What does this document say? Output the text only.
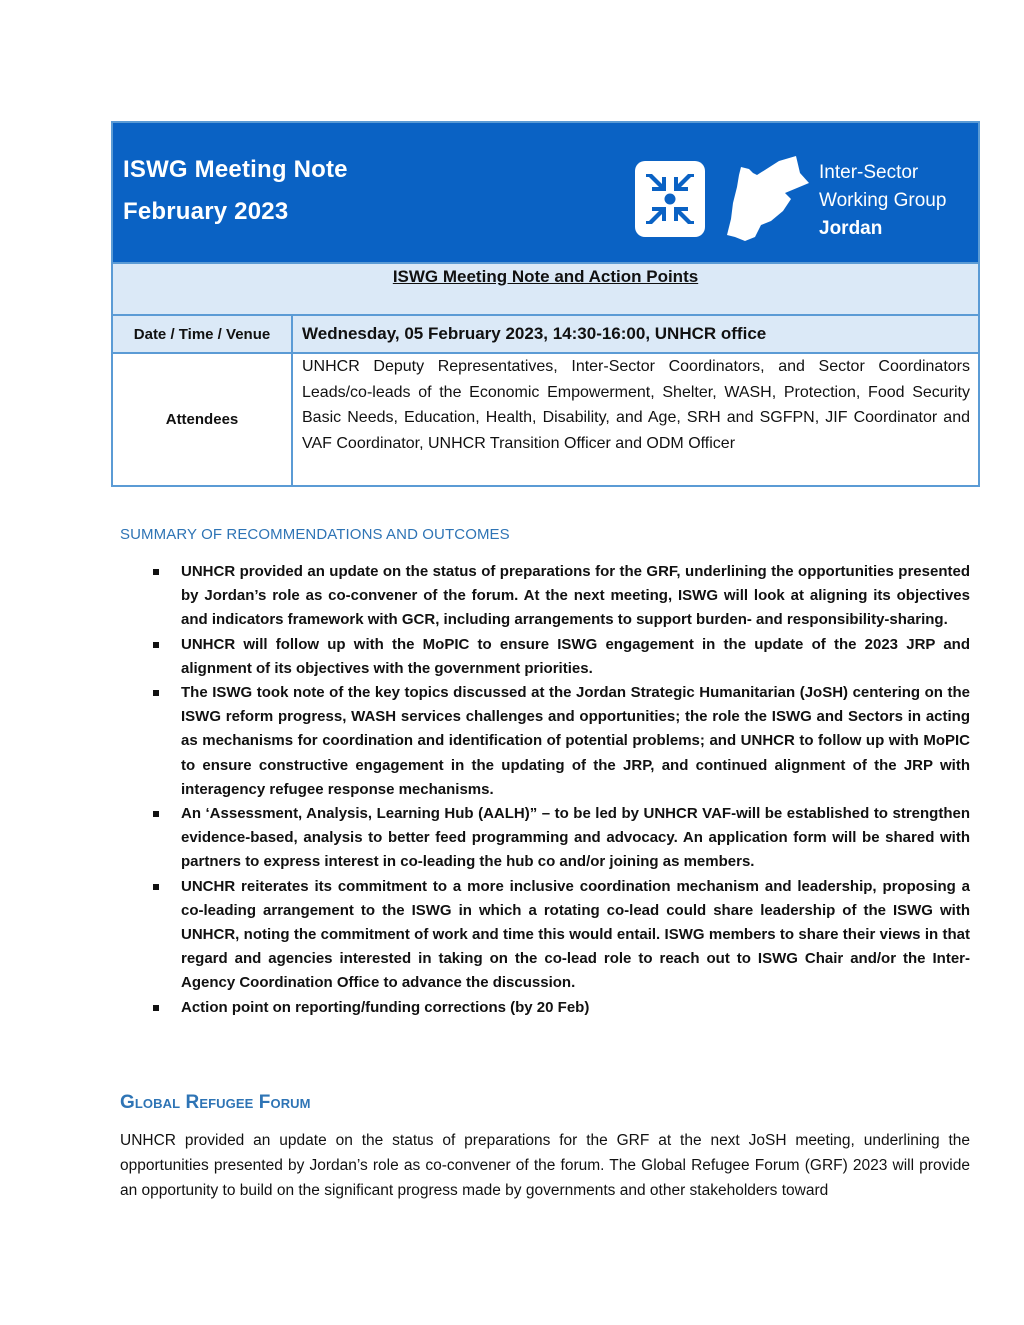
ISWG Meeting Note
February 2023
Inter-Sector
Working Group
Jordan
ISWG Meeting Note and Action Points
Date / Time / Venue	Wednesday, 05 February 2023, 14:30-16:00, UNHCR office
Attendees
UNHCR Deputy Representatives, Inter-Sector Coordinators, and Sector Coordinators Leads/co-leads of the Economic Empowerment, Shelter, WASH, Protection, Food Security Basic Needs, Education, Health, Disability, and Age, SRH and SGFPN, JIF Coordinator and VAF Coordinator, UNHCR Transition Officer and ODM Officer
SUMMARY OF RECOMMENDATIONS AND OUTCOMES
UNHCR provided an update on the status of preparations for the GRF, underlining the opportunities presented by Jordan’s role as co-convener of the forum. At the next meeting, ISWG will look at aligning its objectives and indicators framework with GCR, including arrangements to support burden- and responsibility-sharing.
UNHCR will follow up with the MoPIC to ensure ISWG engagement in the update of the 2023 JRP and alignment of its objectives with the government priorities.
The ISWG took note of the key topics discussed at the Jordan Strategic Humanitarian (JoSH) centering on the ISWG reform progress, WASH services challenges and opportunities; the role the ISWG and Sectors in acting as mechanisms for coordination and identification of potential problems; and UNHCR to follow up with MoPIC to ensure constructive engagement in the updating of the JRP, and continued alignment of the JRP with interagency refugee response mechanisms.
An ‘Assessment, Analysis, Learning Hub (AALH)” – to be led by UNHCR VAF-will be established to strengthen evidence-based, analysis to better feed programming and advocacy. An application form will be shared with partners to express interest in co-leading the hub co and/or joining as members.
UNCHR reiterates its commitment to a more inclusive coordination mechanism and leadership, proposing a co-leading arrangement to the ISWG in which a rotating co-lead could share leadership of the ISWG with UNHCR, noting the commitment of work and time this would entail. ISWG members to share their views in that regard and agencies interested in taking on the co-lead role to reach out to ISWG Chair and/or the Inter-Agency Coordination Office to advance the discussion.
Action point on reporting/funding corrections (by 20 Feb)
Global Refugee Forum
UNHCR provided an update on the status of preparations for the GRF at the next JoSH meeting, underlining the opportunities presented by Jordan’s role as co-convener of the forum. The Global Refugee Forum (GRF) 2023 will provide an opportunity to build on the significant progress made by governments and other stakeholders toward
